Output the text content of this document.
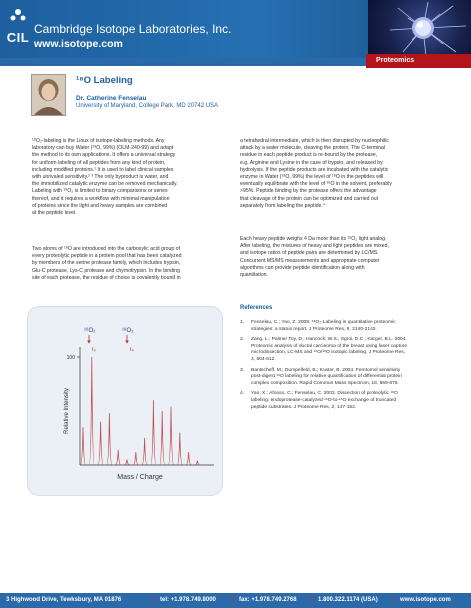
CIL
Cambridge Isotope Laboratories, Inc.
www.isotope.com
Proteomics
¹⁸O Labeling
Dr. Catherine Fenselau
University of Maryland, College Park, MD 20742 USA
¹⁸O₂-labeling is the Linux of isotope-labeling methods. Any
laboratory can buy Water (¹⁸O, 99%) (OLM-240-99) and adapt
the method to its own applications. It offers a universal strategy
for uniform labeling of all peptides from any kind of protein,
including modified proteins.¹ It is used to label clinical samples
with unrivaled sensitivity.² ³ The only byproduct is water, and
the immobilized catalytic enzyme can be removed mechanically.
Labeling with ¹⁸O₂ is limited to binary comparisons or series
thereof, and it requires a workflow with minimal manipulation
of proteins since the light and heavy samples are combined
at the peptide level.
Two atoms of ¹⁸O are introduced into the carboxylic acid group of
every proteolytic peptide in a protein pool that has been catalyzed
by members of the serine protease family, which includes trypsin,
Glu-C protease, Lys-C protease and chymotrypsin. In the binding
site of each protease, the residue of choice is covalently bound in
a tetrahedral intermediate, which is then disrupted by nucleophilic
attack by a water molecule, cleaving the protein. The C-terminal
residue in each peptide product is re-bound by the protease,
e.g. Arginine and Lysine in the case of trypsin, and released by
hydrolysis. If the peptide products are incubated with the catalytic
enzyme in Water (¹⁸O, 99%) the level of ¹⁸O in the peptides will
eventually equilibrate with the level of ¹⁸O in the solvent, preferably
>95%. Peptide binding by the protease offers the advantage
that cleavage of the protein can be optimized and carried out
separately from labeling the peptide.⁴
Each heavy peptide weighs 4 Da more than its ¹⁶O₂ light analog.
After labeling, the mixtures of heavy and light peptides are mixed,
and isotope ratios of peptide pairs are determined by LC/MS.
Concurrent MS/MS measurements and appropriate computer
algorithms can provide peptide identification along with
quantitation.
References
1. Fenselau, C.; Yao, Z. 2009. ¹⁸O₂-Labeling in quantitative proteomic
strategies: a status report. J Proteome Res, 8, 2140-2143.
2. Zang, L.; Palmer Toy, D.; Hancock, W.S.; Sgroi, D.C.; Karger, B.L. 2004.
Proteomic analysis of ductal carcinoma of the breast using laser capture
microdissection, LC-MS and ¹⁶O/¹⁸O isotopic labeling. J Proteome Res,
3, 604-612.
3. Bantscheff, M.; Dumpelfeld, B.; Kuster, B. 2004. Femtomol sensitivity
post-digest ¹⁸O labeling for relative quantification of differential protein
complex composition. Rapid Commun Mass Spectrom, 18, 869-876.
4. Yao, X.; Afonso, C.; Fenselau, C. 2003. Dissection of proteolytic ¹⁸O
labeling: endoprotease-catalyzed ¹⁶O-to-¹⁸O exchange of truncated
peptide substrates. J Proteome Res, 2, 147-152.
100
Relative Intensity
Mass / Charge
¹⁶O₂	¹⁸O₂
I₀	I₄
3 Highwood Drive, Tewksbury, MA 01876	| tel: +1.978.749.8000	| fax: +1.978.749.2768 | 1.800.322.1174 (USA)	| www.isotope.com
